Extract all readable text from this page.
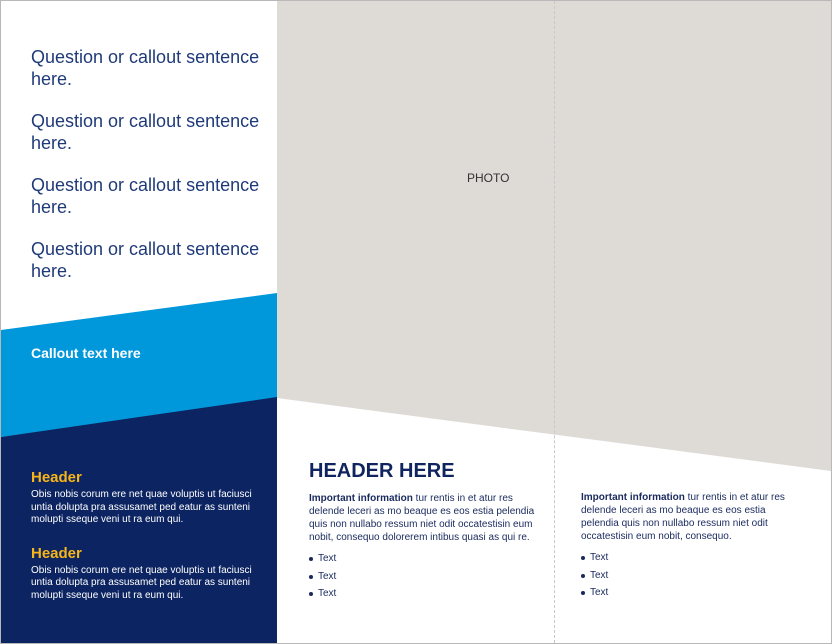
Question or callout sentence here.

Question or callout sentence here.

Question or callout sentence here.

Question or callout sentence here.

Callout text here

Header

Obis nobis corum ere net quae voluptis ut faciusci untia dolupta pra assusamet ped eatur as sunteni molupti sseque veni ut ra eum qui.

Header

Obis nobis corum ere net quae voluptis ut faciusci untia dolupta pra assusamet ped eatur as sunteni molupti sseque veni ut ra eum qui.

PHOTO

HEADER HERE

Important information tur rentis in et atur res delende leceri as mo beaque es eos estia pelendia quis non nullabo ressum niet odit occatestisin eum nobit, consequo dolorerem intibus quasi as qui re.

Text
Text
Text

Important information tur rentis in et atur res delende leceri as mo beaque es eos estia pelendia quis non nullabo ressum niet odit occatestisin eum nobit, consequo.

Text
Text
Text
